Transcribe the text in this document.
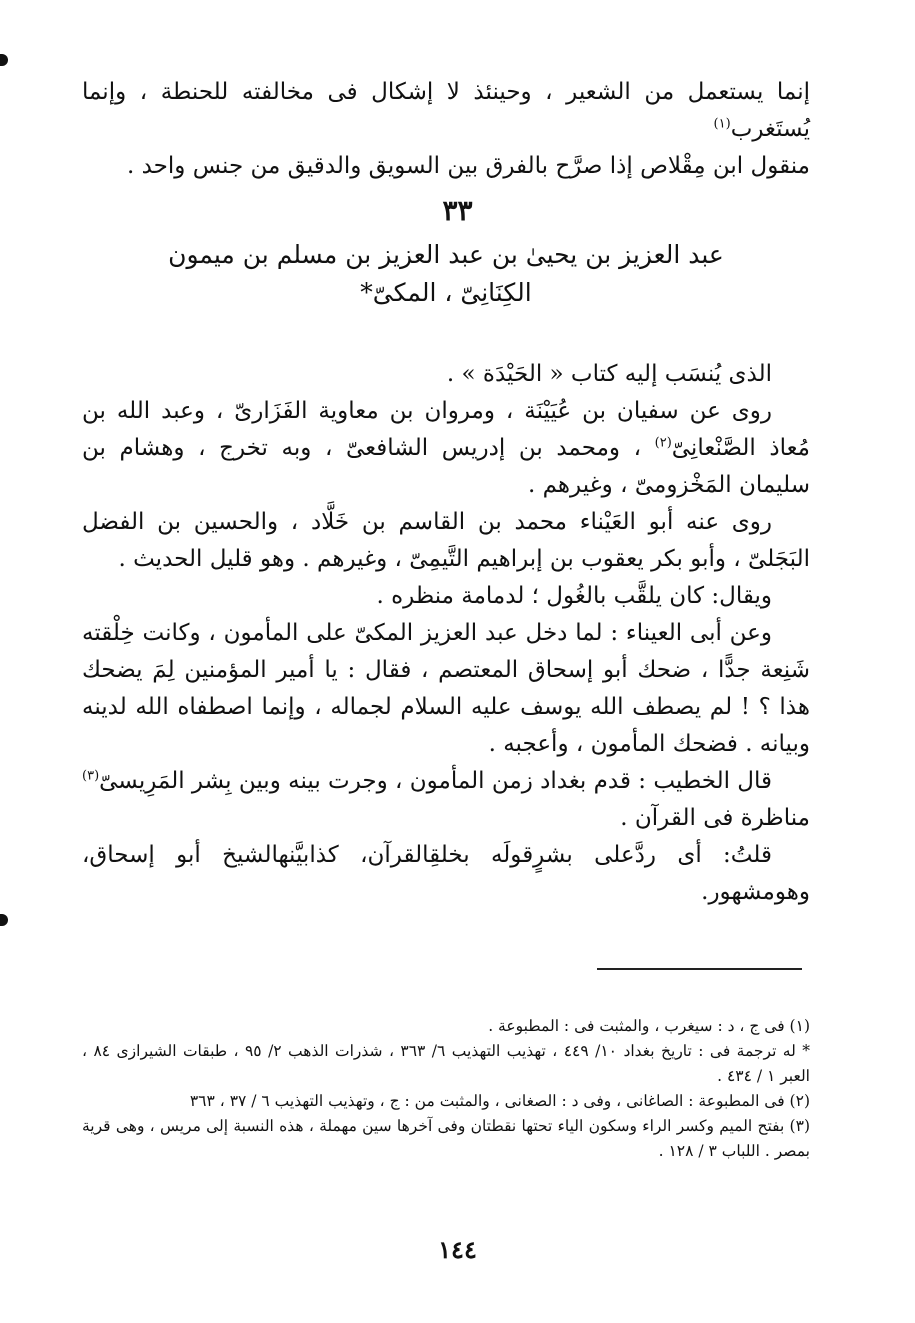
إنما يستعمل من الشعير ، وحينئذ لا إشكال فى مخالفته للحنطة ، وإنما يُستَغرب$^{(١)}$

منقول ابن مِقْلاص إذا صرَّح بالفرق بين السويق والدقيق من جنس واحد .

٣٣
عبد العزيز بن يحيىٰ بن عبد العزيز بن مسلم بن ميمون
الكِنَانِىّ ، المكىّ*

الذى يُنسَب إليه كتاب « الحَيْدَة » .

روى عن سفيان بن عُيَيْنَة ، ومروان بن معاوية الفَزَارىّ ، وعبد الله بن مُعاذ الصَّنْعانِىّ$^{(٢)}$ ، ومحمد بن إدريس الشافعىّ ، وبه تخرج ، وهشام بن سليمان المَخْزومىّ ، وغيرهم .

روى عنه أبو العَيْناء محمد بن القاسم بن خَلَّاد ، والحسين بن الفضل البَجَلىّ ، وأبو بكر يعقوب بن إبراهيم التَّيمِىّ ، وغيرهم . وهو قليل الحديث .

ويقال: كان يلقَّب بالغُول ؛ لدمامة منظره .

وعن أبى العيناء : لما دخل عبد العزيز المكىّ على المأمون ، وكانت خِلْقته شَنِعة جدًّا ، ضحك أبو إسحاق المعتصم ، فقال : يا أمير المؤمنين لِمَ يضحك هذا ؟ ! لم يصطف الله يوسف عليه السلام لجماله ، وإنما اصطفاه الله لدينه وبيانه . فضحك المأمون ، وأعجبه .

قال الخطيب : قدم بغداد زمن المأمون ، وجرت بينه وبين بِشر المَرِيسىّ$^{(٣)}$ مناظرة فى القرآن .

قلتُ: أى ردَّعلى بشرٍقولَه بخلقِالقرآن، كذابيَّنهالشيخ أبو إسحاق، وهومشهور.

(١) فى ج ، د : سيغرب ، والمثبت فى : المطبوعة .

* له ترجمة فى : تاريخ بغداد ١٠/ ٤٤٩ ، تهذيب التهذيب ٦/ ٣٦٣ ، شذرات الذهب ٢/ ٩٥ ، طبقات الشيرازى ٨٤ ، العبر ١ / ٤٣٤ .

(٢) فى المطبوعة : الصاغانى ، وفى د : الصغانى ، والمثبت من : ج ، وتهذيب التهذيب ٦ / ٣٧ ، ٣٦٣

(٣) بفتح الميم وكسر الراء وسكون الياء تحتها نقطتان وفى آخرها سين مهملة ، هذه النسبة إلى مريس ، وهى قرية بمصر . اللباب ٣ / ١٢٨ .

١٤٤
